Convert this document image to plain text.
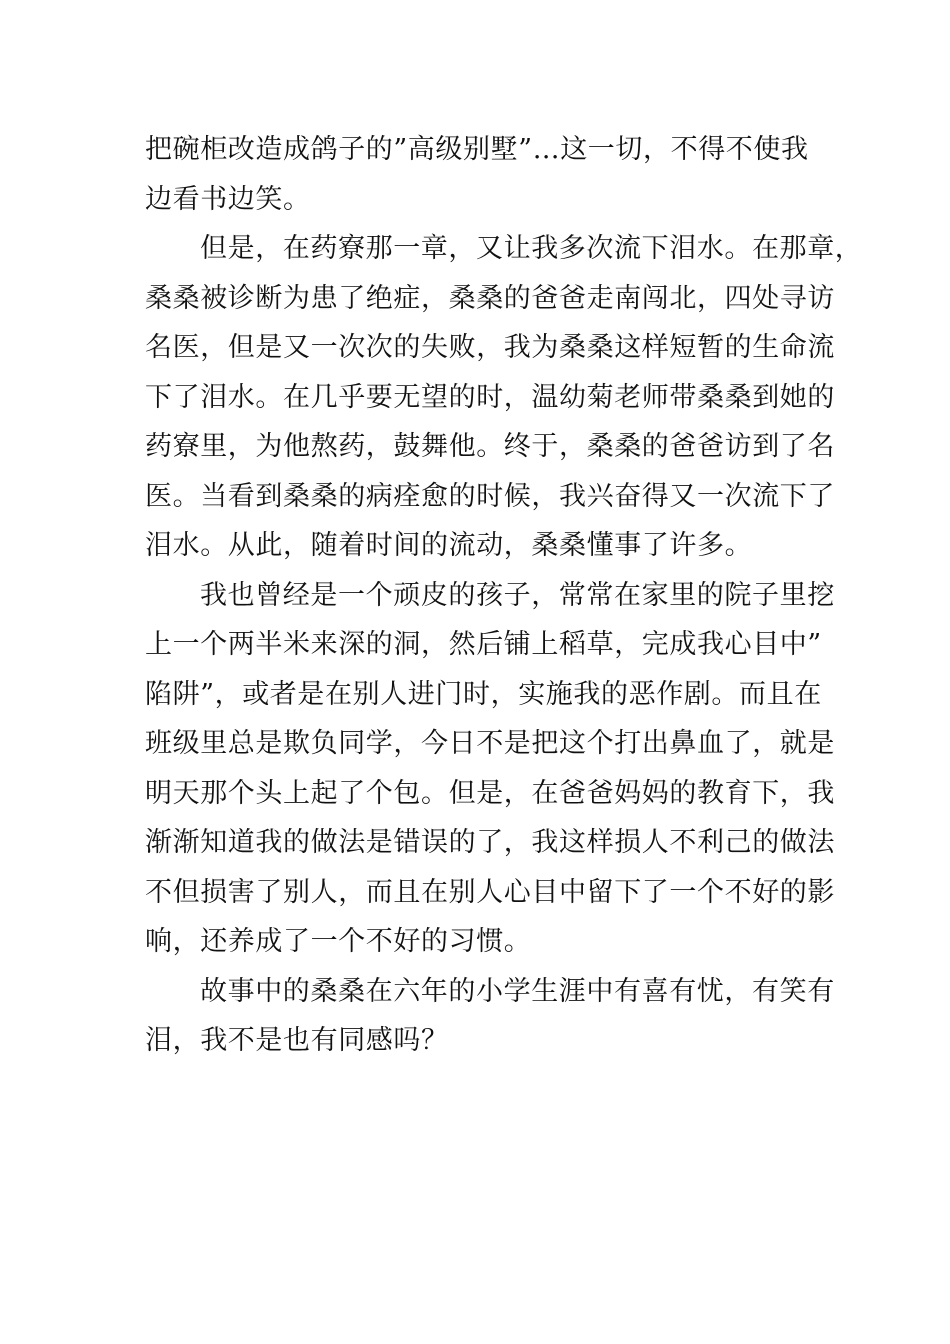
把碗柜改造成鸽子的”高级别墅”…这一切，不得不使我
边看书边笑。
但是，在药寮那一章，又让我多次流下泪水。在那章，
桑桑被诊断为患了绝症，桑桑的爸爸走南闯北，四处寻访
名医，但是又一次次的失败，我为桑桑这样短暂的生命流
下了泪水。在几乎要无望的时，温幼菊老师带桑桑到她的
药寮里，为他熬药，鼓舞他。终于，桑桑的爸爸访到了名
医。当看到桑桑的病痊愈的时候，我兴奋得又一次流下了
泪水。从此，随着时间的流动，桑桑懂事了许多。
我也曾经是一个顽皮的孩子，常常在家里的院子里挖
上一个两半米来深的洞，然后铺上稻草，完成我心目中”
陷阱”，或者是在别人进门时，实施我的恶作剧。而且在
班级里总是欺负同学，今日不是把这个打出鼻血了，就是
明天那个头上起了个包。但是，在爸爸妈妈的教育下，我
渐渐知道我的做法是错误的了，我这样损人不利己的做法
不但损害了别人，而且在别人心目中留下了一个不好的影
响，还养成了一个不好的习惯。
故事中的桑桑在六年的小学生涯中有喜有忧，有笑有
泪，我不是也有同感吗？
